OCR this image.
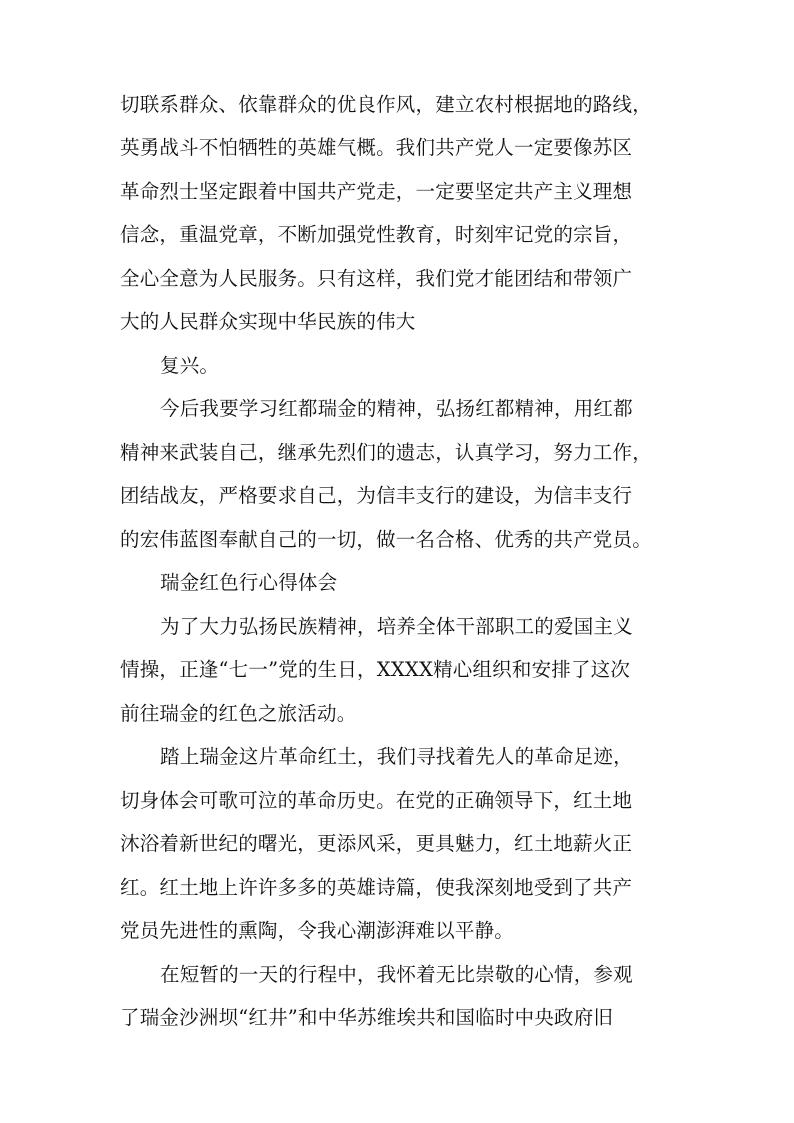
切联系群众、依靠群众的优良作风，建立农村根据地的路线，
英勇战斗不怕牺牲的英雄气概。我们共产党人一定要像苏区
革命烈士坚定跟着中国共产党走，一定要坚定共产主义理想
信念，重温党章，不断加强党性教育，时刻牢记党的宗旨，
全心全意为人民服务。只有这样，我们党才能团结和带领广
大的人民群众实现中华民族的伟大
复兴。
今后我要学习红都瑞金的精神，弘扬红都精神，用红都
精神来武装自己，继承先烈们的遗志，认真学习，努力工作，
团结战友，严格要求自己，为信丰支行的建设，为信丰支行
的宏伟蓝图奉献自己的一切，做一名合格、优秀的共产党员。
瑞金红色行心得体会
为了大力弘扬民族精神，培养全体干部职工的爱国主义
情操，正逢“七一”党的生日，XXXX精心组织和安排了这次
前往瑞金的红色之旅活动。
踏上瑞金这片革命红土，我们寻找着先人的革命足迹，
切身体会可歌可泣的革命历史。在党的正确领导下，红土地
沐浴着新世纪的曙光，更添风采，更具魅力，红土地薪火正
红。红土地上许许多多的英雄诗篇，使我深刻地受到了共产
党员先进性的熏陶，令我心潮澎湃难以平静。
在短暂的一天的行程中，我怀着无比崇敬的心情，参观
了瑞金沙洲坝“红井”和中华苏维埃共和国临时中央政府旧
